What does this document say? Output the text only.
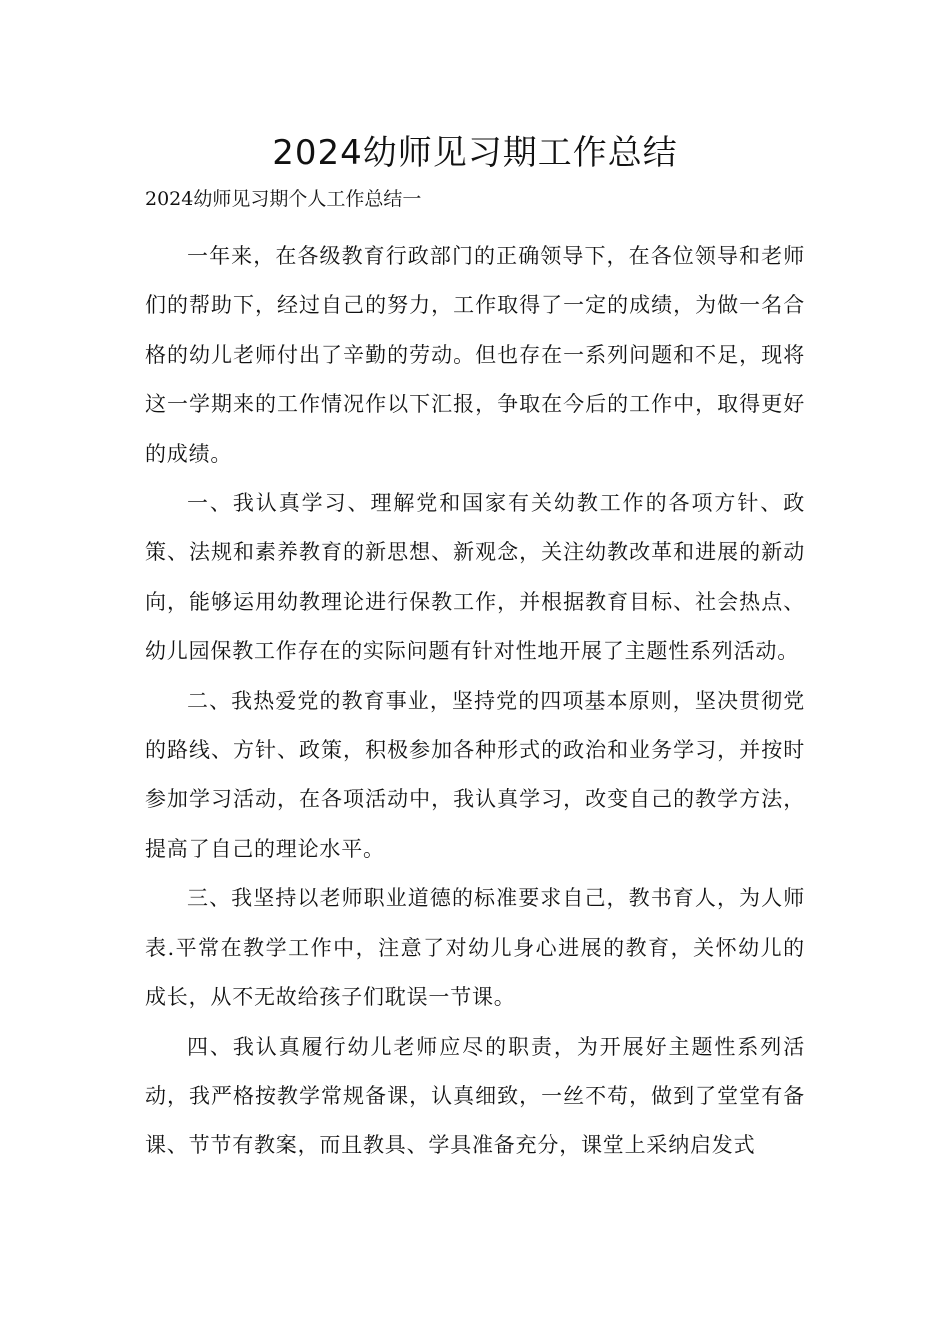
2024幼师见习期工作总结

2024幼师见习期个人工作总结一

一年来，在各级教育行政部门的正确领导下，在各位领导和老师们的帮助下，经过自己的努力，工作取得了一定的成绩，为做一名合格的幼儿老师付出了辛勤的劳动。但也存在一系列问题和不足，现将这一学期来的工作情况作以下汇报，争取在今后的工作中，取得更好的成绩。

一、我认真学习、理解党和国家有关幼教工作的各项方针、政策、法规和素养教育的新思想、新观念，关注幼教改革和进展的新动向，能够运用幼教理论进行保教工作，并根据教育目标、社会热点、幼儿园保教工作存在的实际问题有针对性地开展了主题性系列活动。

二、我热爱党的教育事业，坚持党的四项基本原则，坚决贯彻党的路线、方针、政策，积极参加各种形式的政治和业务学习，并按时参加学习活动，在各项活动中，我认真学习，改变自己的教学方法，提高了自己的理论水平。

三、我坚持以老师职业道德的标准要求自己，教书育人，为人师表.平常在教学工作中，注意了对幼儿身心进展的教育，关怀幼儿的成长，从不无故给孩子们耽误一节课。

四、我认真履行幼儿老师应尽的职责，为开展好主题性系列活动，我严格按教学常规备课，认真细致，一丝不苟，做到了堂堂有备课、节节有教案，而且教具、学具准备充分，课堂上采纳启发式
